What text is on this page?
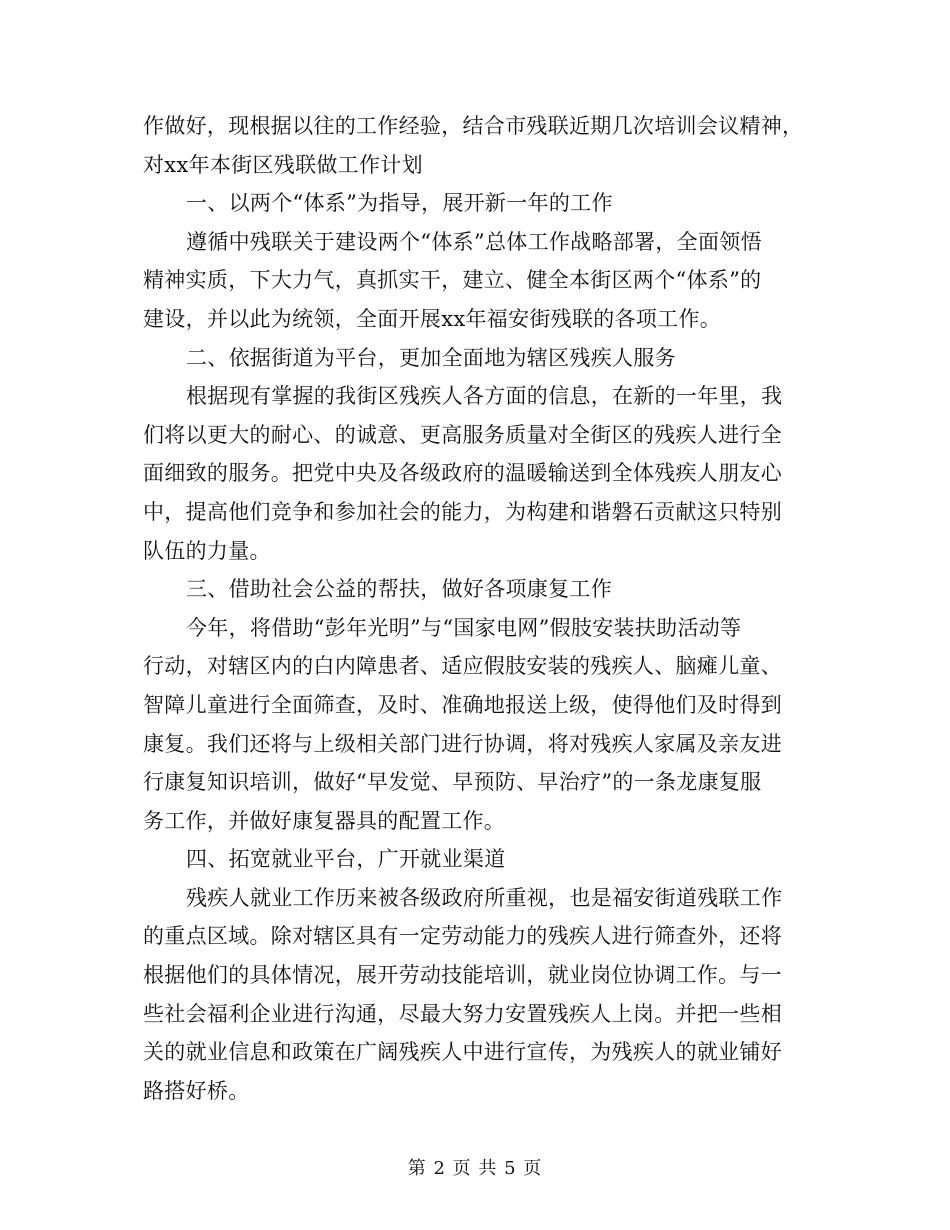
作做好，现根据以往的工作经验，结合市残联近期几次培训会议精神，
对xx年本街区残联做工作计划
一、以两个“体系”为指导，展开新一年的工作
遵循中残联关于建设两个“体系”总体工作战略部署，全面领悟
精神实质，下大力气，真抓实干，建立、健全本街区两个“体系”的
建设，并以此为统领，全面开展xx年福安街残联的各项工作。
二、依据街道为平台，更加全面地为辖区残疾人服务
根据现有掌握的我街区残疾人各方面的信息，在新的一年里，我
们将以更大的耐心、的诚意、更高服务质量对全街区的残疾人进行全
面细致的服务。把党中央及各级政府的温暖输送到全体残疾人朋友心
中，提高他们竞争和参加社会的能力，为构建和谐磐石贡献这只特别
队伍的力量。
三、借助社会公益的帮扶，做好各项康复工作
今年，将借助“彭年光明”与“国家电网”假肢安装扶助活动等
行动，对辖区内的白内障患者、适应假肢安装的残疾人、脑瘫儿童、
智障儿童进行全面筛查，及时、准确地报送上级，使得他们及时得到
康复。我们还将与上级相关部门进行协调，将对残疾人家属及亲友进
行康复知识培训，做好“早发觉、早预防、早治疗”的一条龙康复服
务工作，并做好康复器具的配置工作。
四、拓宽就业平台，广开就业渠道
残疾人就业工作历来被各级政府所重视，也是福安街道残联工作
的重点区域。除对辖区具有一定劳动能力的残疾人进行筛查外，还将
根据他们的具体情况，展开劳动技能培训，就业岗位协调工作。与一
些社会福利企业进行沟通，尽最大努力安置残疾人上岗。并把一些相
关的就业信息和政策在广阔残疾人中进行宣传，为残疾人的就业铺好
路搭好桥。
第 2 页 共 5 页
